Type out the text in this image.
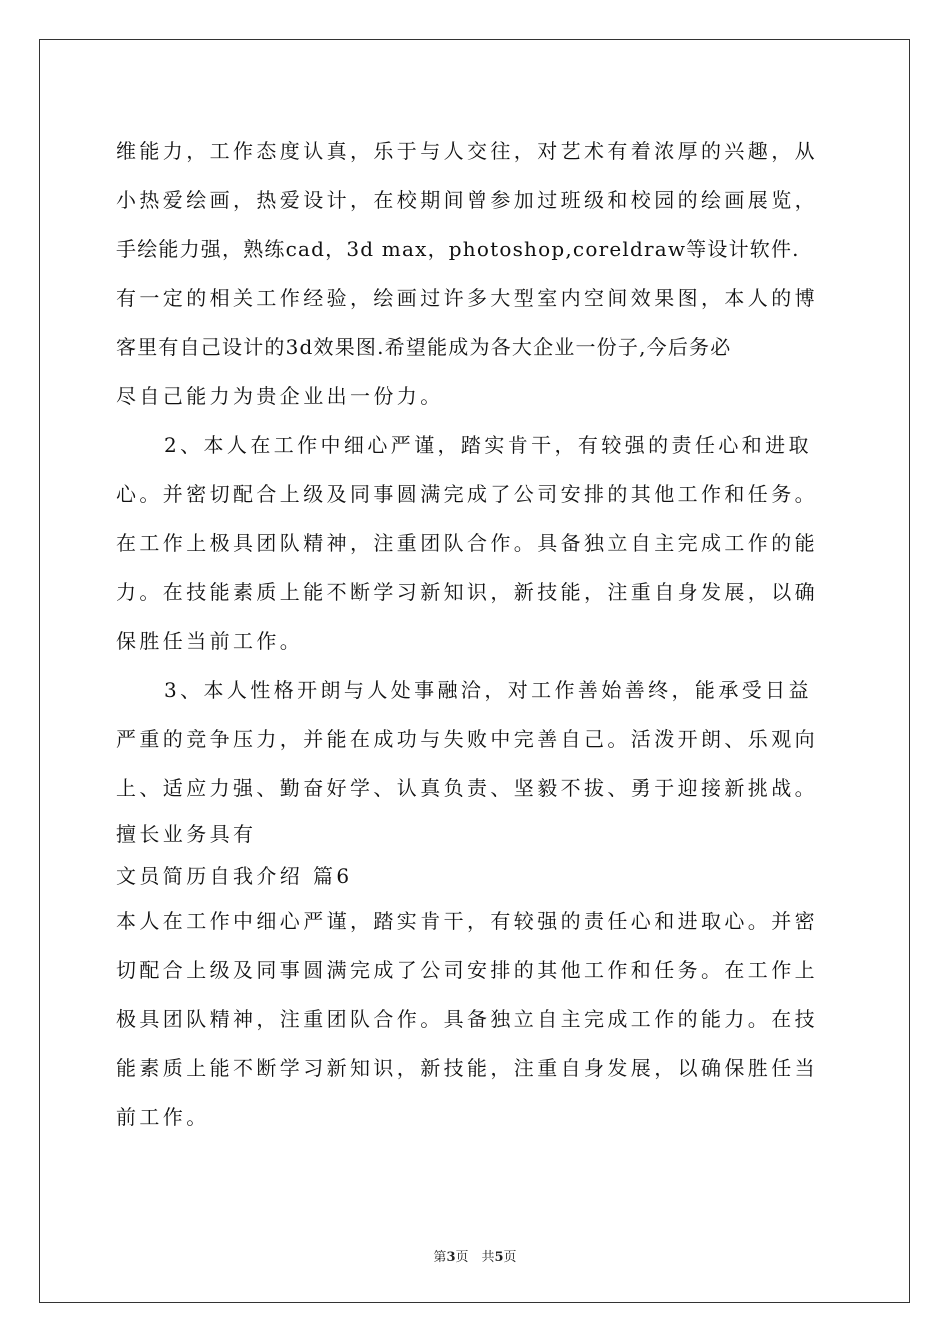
维能力，工作态度认真，乐于与人交往，对艺术有着浓厚的兴趣，从
小热爱绘画，热爱设计，在校期间曾参加过班级和校园的绘画展览，
手绘能力强，熟练cad，3d max，photoshop,coreldraw等设计软件.
有一定的相关工作经验，绘画过许多大型室内空间效果图，本人的博
客里有自己设计的3d效果图.希望能成为各大企业一份子,今后务必
尽自己能力为贵企业出一份力。
2、本人在工作中细心严谨，踏实肯干，有较强的责任心和进取
心。并密切配合上级及同事圆满完成了公司安排的其他工作和任务。
在工作上极具团队精神，注重团队合作。具备独立自主完成工作的能
力。在技能素质上能不断学习新知识，新技能，注重自身发展，以确
保胜任当前工作。
3、本人性格开朗与人处事融洽，对工作善始善终，能承受日益
严重的竞争压力，并能在成功与失败中完善自己。活泼开朗、乐观向
上、适应力强、勤奋好学、认真负责、坚毅不拔、勇于迎接新挑战。
擅长业务具有
文员简历自我介绍 篇6
本人在工作中细心严谨，踏实肯干，有较强的责任心和进取心。并密
切配合上级及同事圆满完成了公司安排的其他工作和任务。在工作上
极具团队精神，注重团队合作。具备独立自主完成工作的能力。在技
能素质上能不断学习新知识，新技能，注重自身发展，以确保胜任当
前工作。
第3页　共5页
